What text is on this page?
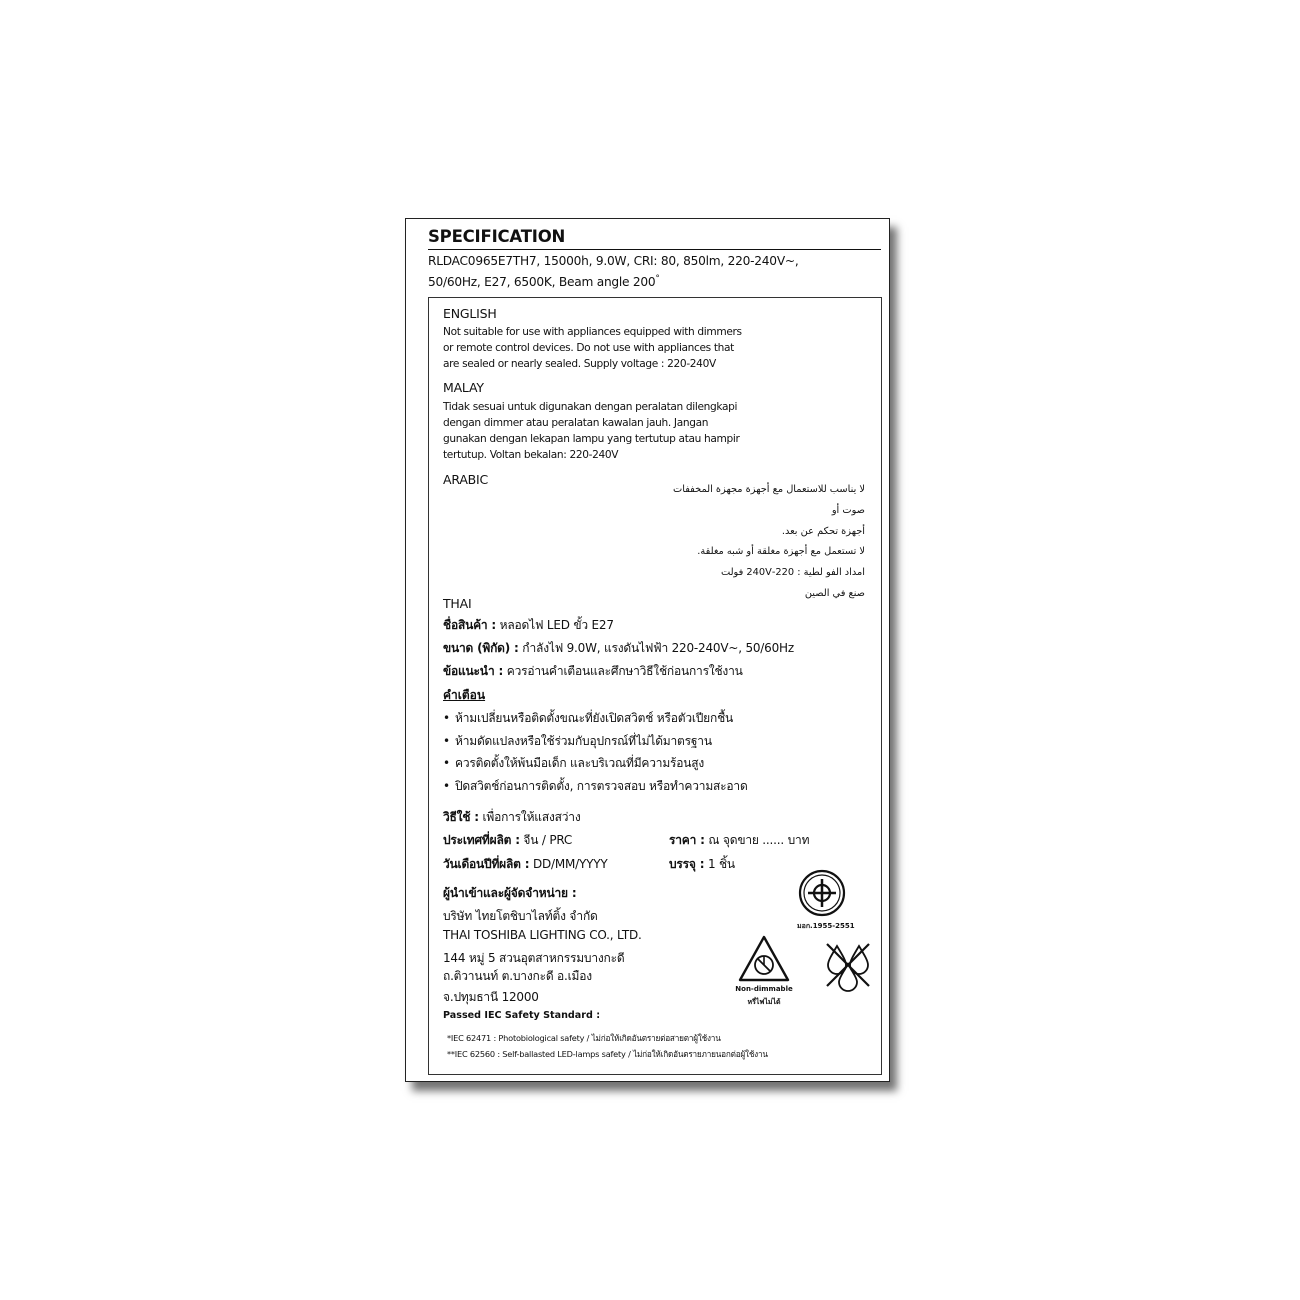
SPECIFICATION
RLDAC0965E7TH7, 15000h, 9.0W, CRI: 80, 850lm, 220-240V~,
50/60Hz, E27, 6500K, Beam angle 200°
ENGLISH
Not suitable for use with appliances equipped with dimmers
or remote control devices. Do not use with appliances that
are sealed or nearly sealed. Supply voltage : 220-240V
MALAY
Tidak sesuai untuk digunakan dengan peralatan dilengkapi
dengan dimmer atau peralatan kawalan jauh. Jangan
gunakan dengan lekapan lampu yang tertutup atau hampir
tertutup. Voltan bekalan: 220-240V
ARABIC
لا يناسب للاستعمال مع أجهزة مجهزة المخففات
صوت أو
أجهزة تحكم عن بعد.
لا تستعمل مع أجهزة مغلقة أو شبه مغلقة.
امداد الفو لطية : 220-240V فولت
صنع في الصين
THAI
ชื่อสินค้า : หลอดไฟ LED ขั้ว E27
ขนาด (พิกัด) : กำลังไฟ 9.0W, แรงดันไฟฟ้า 220-240V~, 50/60Hz
ข้อแนะนำ : ควรอ่านคำเตือนและศึกษาวิธีใช้ก่อนการใช้งาน
คำเตือน
• ห้ามเปลี่ยนหรือติดตั้งขณะที่ยังเปิดสวิตช์ หรือตัวเปียกชื้น
• ห้ามดัดแปลงหรือใช้ร่วมกับอุปกรณ์ที่ไม่ได้มาตรฐาน
• ควรติดตั้งให้พ้นมือเด็ก และบริเวณที่มีความร้อนสูง
• ปิดสวิตช์ก่อนการติดตั้ง, การตรวจสอบ หรือทำความสะอาด
วิธีใช้ : เพื่อการให้แสงสว่าง
ประเทศที่ผลิต : จีน / PRC	ราคา : ณ จุดขาย ...... บาท
วันเดือนปีที่ผลิต : DD/MM/YYYY	บรรจุ : 1 ชิ้น
ผู้นำเข้าและผู้จัดจำหน่าย :
บริษัท ไทยโตชิบาไลท์ติ้ง จำกัด
THAI TOSHIBA LIGHTING CO., LTD.
144 หมู่ 5 สวนอุตสาหกรรมบางกะดี
ถ.ติวานนท์ ต.บางกะดี อ.เมือง
จ.ปทุมธานี 12000
Passed IEC Safety Standard :
*IEC 62471 : Photobiological safety / ไม่ก่อให้เกิดอันตรายต่อสายตาผู้ใช้งาน
**IEC 62560 : Self-ballasted LED-lamps safety / ไม่ก่อให้เกิดอันตรายภายนอกต่อผู้ใช้งาน
มอก.1955-2551
Non-dimmable
หรี่ไฟไม่ได้
